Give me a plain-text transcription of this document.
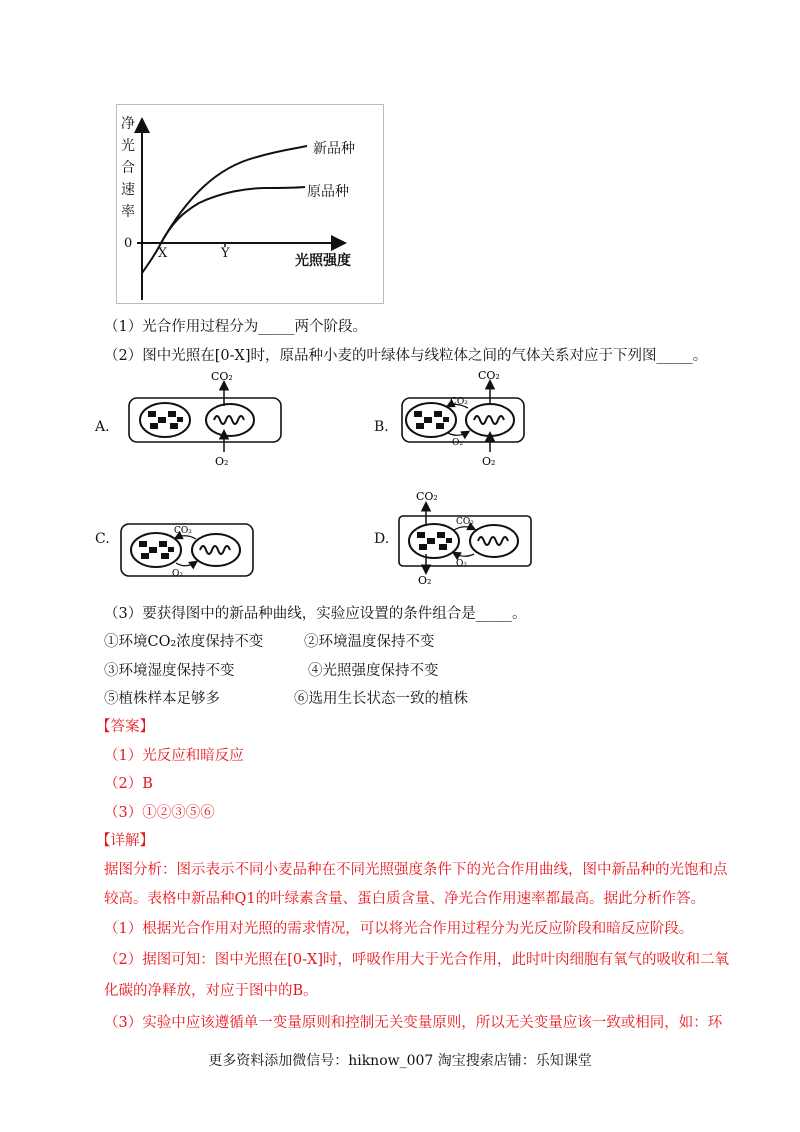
净
光
合
速
率
0
X	Y	光照强度
新品种
原品种
（1）光合作用过程分为_____两个阶段。
（2）图中光照在[0-X]时，原品种小麦的叶绿体与线粒体之间的气体关系对应于下列图_____。
A.
CO₂
O₂
B.
CO₂
CO₂
O₂
O₂
C.	CO₂
O₂
D.
CO₂
CO₂
O₂
O₂
（3）要获得图中的新品种曲线，实验应设置的条件组合是_____。
①环境CO₂浓度保持不变	②环境温度保持不变
③环境湿度保持不变	④光照强度保持不变
⑤植株样本足够多	⑥选用生长状态一致的植株
【答案】
（1）光反应和暗反应
（2）B
（3）①②③⑤⑥
【详解】
据图分析：图示表示不同小麦品种在不同光照强度条件下的光合作用曲线，图中新品种的光饱和点
较高。表格中新品种Q1的叶绿素含量、蛋白质含量、净光合作用速率都最高。据此分析作答。
（1）根据光合作用对光照的需求情况，可以将光合作用过程分为光反应阶段和暗反应阶段。
（2）据图可知：图中光照在[0-X]时，呼吸作用大于光合作用，此时叶肉细胞有氧气的吸收和二氧
化碳的净释放，对应于图中的B。
（3）实验中应该遵循单一变量原则和控制无关变量原则，所以无关变量应该一致或相同，如：环
更多资料添加微信号：hiknow_007 淘宝搜索店铺：乐知课堂
